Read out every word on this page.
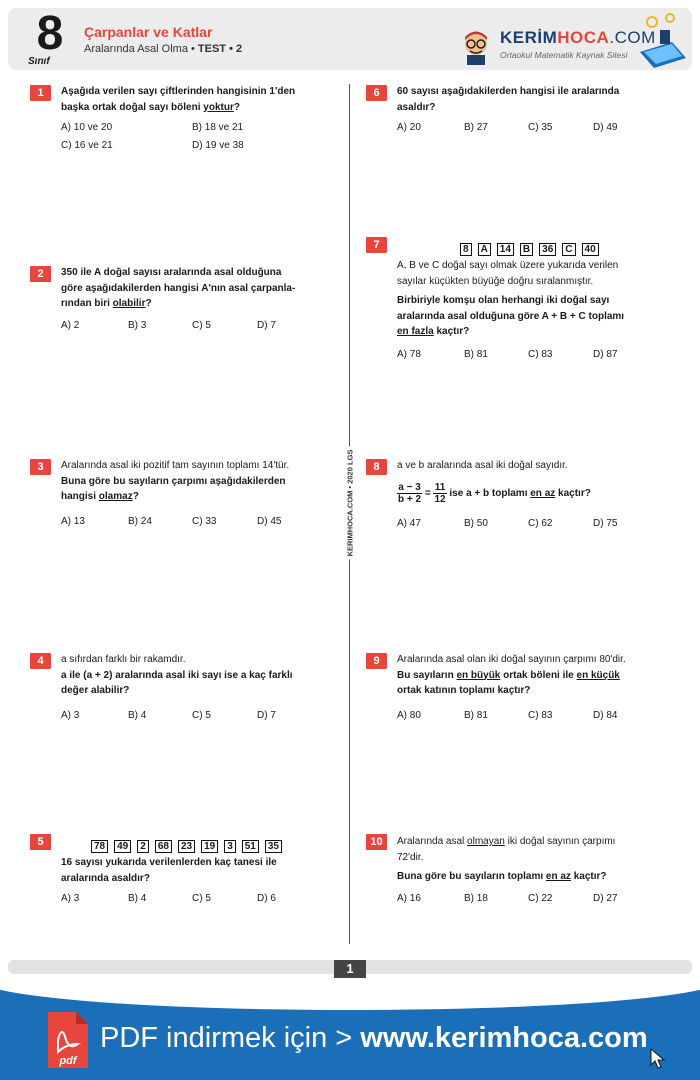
8
Sınıf
Çarpanlar ve Katlar
Aralarında Asal Olma • TEST • 2
KERİMHOCA.COM
Ortaokul Matematik Kaynak Sitesi
KERIMHOCA.COM • 2020 LGS
1	Aşağıda verilen sayı çiftlerinden hangisinin 1'den
başka ortak doğal sayı böleni yoktur?
A) 10 ve 20	B) 18 ve 21
C) 16 ve 21	D) 19 ve 38
2	350 ile A doğal sayısı aralarında asal olduğuna
göre aşağıdakilerden hangisi A'nın asal çarpanla-
rından biri olabilir?
A) 2	B) 3	C) 5	D) 7
3	Aralarında asal iki pozitif tam sayının toplamı 14'tür.
Buna göre bu sayıların çarpımı aşağıdakilerden
hangisi olamaz?
A) 13	B) 24	C) 33	D) 45
4	a sıfırdan farklı bir rakamdır.
a ile (a + 2) aralarında asal iki sayı ise a kaç farklı
değer alabilir?
A) 3	B) 4	C) 5	D) 7
5	78 49 2 68 23 19 3 51 35
16 sayısı yukarıda verilenlerden kaç tanesi ile
aralarında asaldır?
A) 3	B) 4	C) 5	D) 6
6	60 sayısı aşağıdakilerden hangisi ile aralarında
asaldır?
A) 20	B) 27	C) 35	D) 49
7	8 A 14 B 36 C 40
A, B ve C doğal sayı olmak üzere yukarıda verilen
sayılar küçükten büyüğe doğru sıralanmıştır.
Birbiriyle komşu olan herhangi iki doğal sayı
aralarında asal olduğuna göre A + B + C toplamı
en fazla kaçtır?
A) 78	B) 81	C) 83	D) 87
8	a ve b aralarında asal iki doğal sayıdır.
$\frac{a - 3}{b + 2} = \frac{11}{12}$ ise a + b toplamı en az kaçtır?
A) 47	B) 50	C) 62	D) 75
9	Aralarında asal olan iki doğal sayının çarpımı 80'dir.
Bu sayıların en büyük ortak böleni ile en küçük
ortak katının toplamı kaçtır?
A) 80	B) 81	C) 83	D) 84
10	Aralarında asal olmayan iki doğal sayının çarpımı
72'dir.
Buna göre bu sayıların toplamı en az kaçtır?
A) 16	B) 18	C) 22	D) 27
1
pdf
PDF indirmek için > www.kerimhoca.com
